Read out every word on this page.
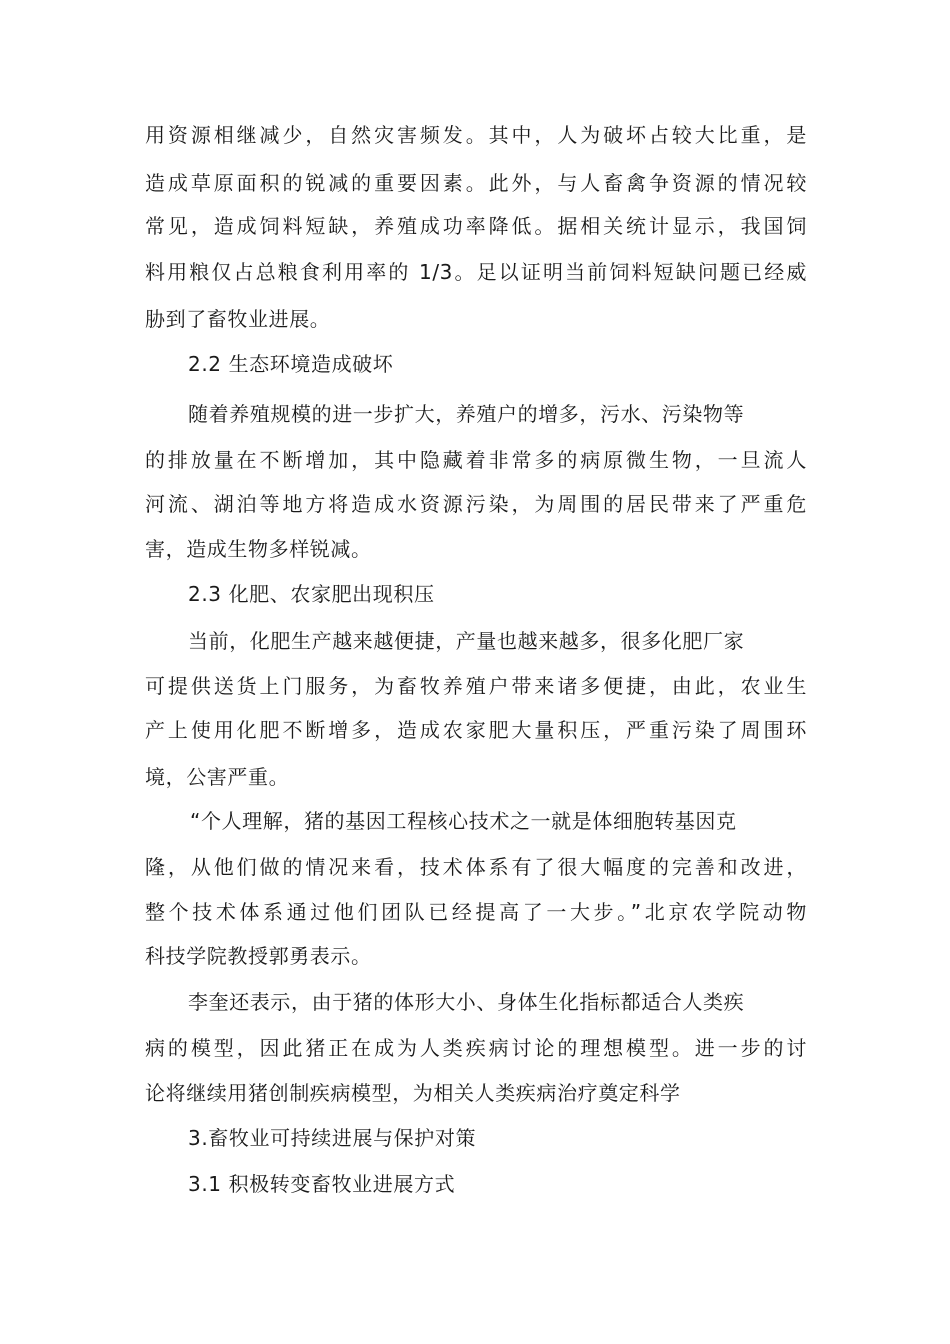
用资源相继减少，自然灾害频发。其中，人为破坏占较大比重，是
造成草原面积的锐减的重要因素。此外，与人畜禽争资源的情况较
常见，造成饲料短缺，养殖成功率降低。据相关统计显示，我国饲
料用粮仅占总粮食利用率的 1/3。足以证明当前饲料短缺问题已经威
胁到了畜牧业进展。
2.2 生态环境造成破坏
随着养殖规模的进一步扩大，养殖户的增多，污水、污染物等
的排放量在不断增加，其中隐藏着非常多的病原微生物，一旦流人
河流、湖泊等地方将造成水资源污染，为周围的居民带来了严重危
害，造成生物多样锐减。
2.3 化肥、农家肥出现积压
当前，化肥生产越来越便捷，产量也越来越多，很多化肥厂家
可提供送货上门服务，为畜牧养殖户带来诸多便捷，由此，农业生
产上使用化肥不断增多，造成农家肥大量积压，严重污染了周围环
境，公害严重。
“个人理解，猪的基因工程核心技术之一就是体细胞转基因克
隆，从他们做的情况来看，技术体系有了很大幅度的完善和改进，
整个技术体系通过他们团队已经提高了一大步。”北京农学院动物
科技学院教授郭勇表示。
李奎还表示，由于猪的体形大小、身体生化指标都适合人类疾
病的模型，因此猪正在成为人类疾病讨论的理想模型。进一步的讨
论将继续用猪创制疾病模型，为相关人类疾病治疗奠定科学
3.畜牧业可持续进展与保护对策
3.1 积极转变畜牧业进展方式
